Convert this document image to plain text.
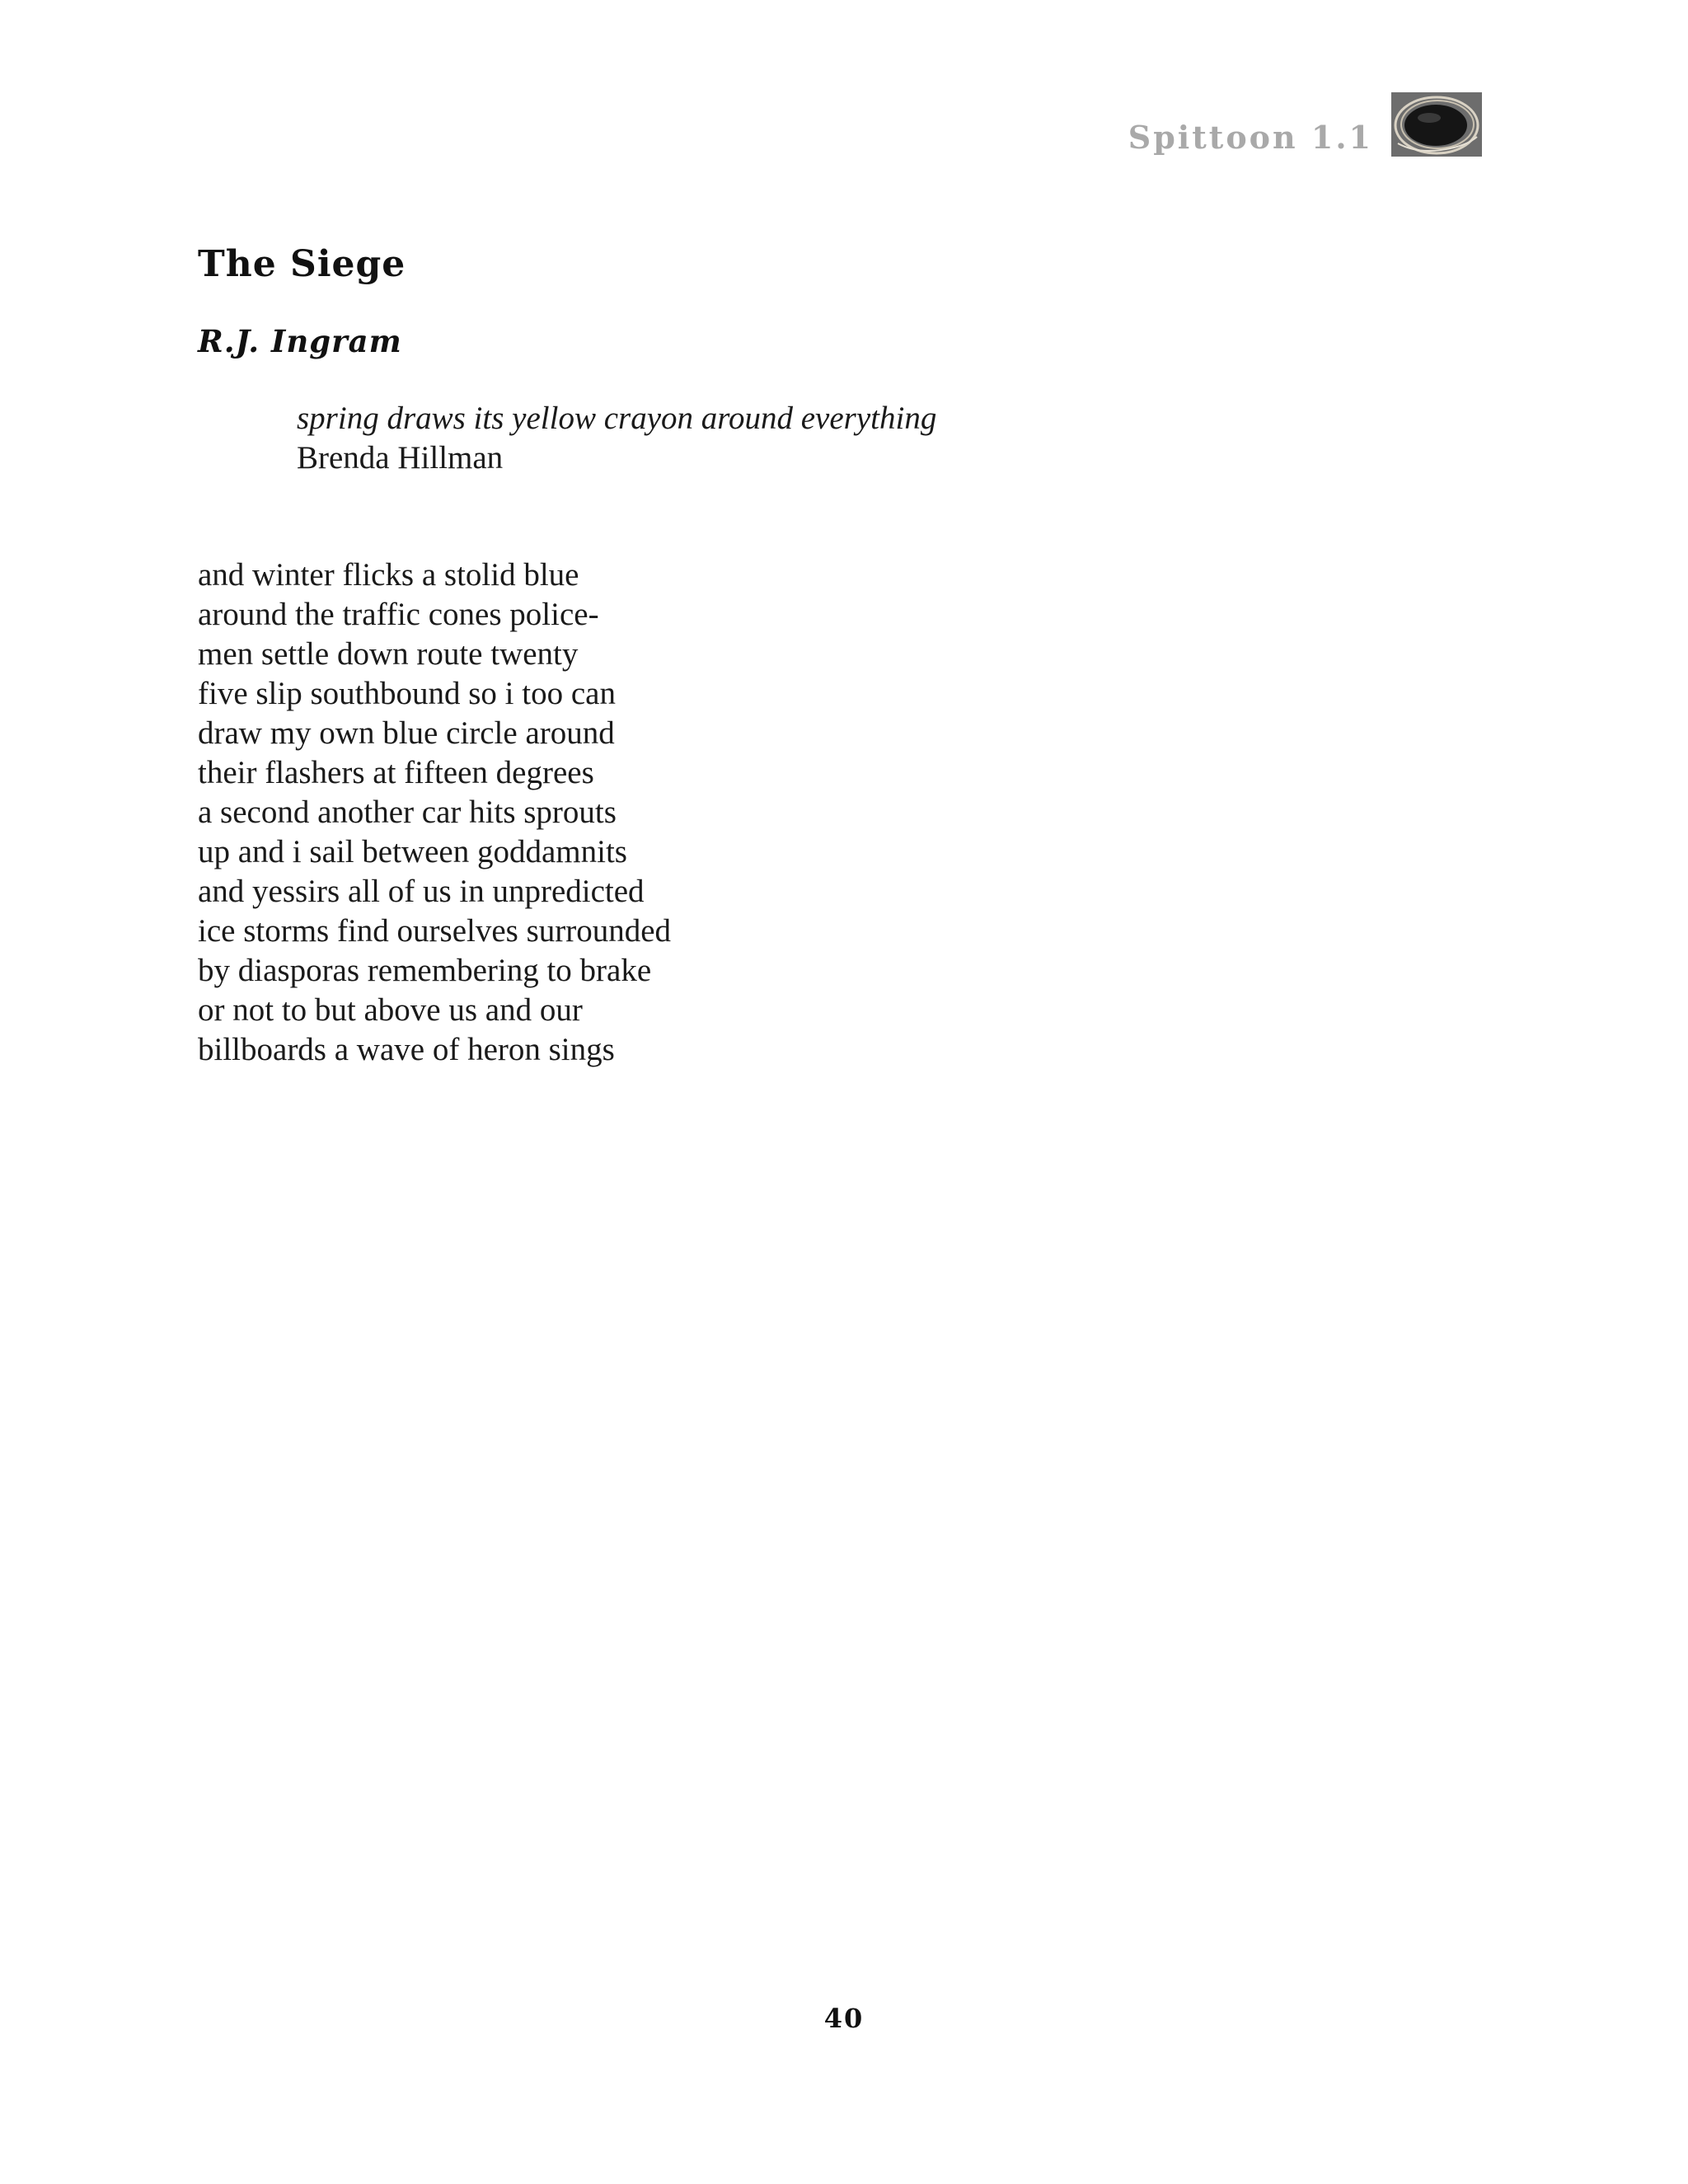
Spittoon 1.1
The Siege
R.J. Ingram
spring draws its yellow crayon around everything
Brenda Hillman
and winter flicks a stolid blue
around the traffic cones police-
men settle down route twenty
five slip southbound so i too can
draw my own blue circle around
their flashers at fifteen degrees
a second another car hits sprouts
up and i sail between goddamnits
and yessirs all of us in unpredicted
ice storms find ourselves surrounded
by diasporas remembering to brake
or not to but above us and our
billboards a wave of heron sings
40
